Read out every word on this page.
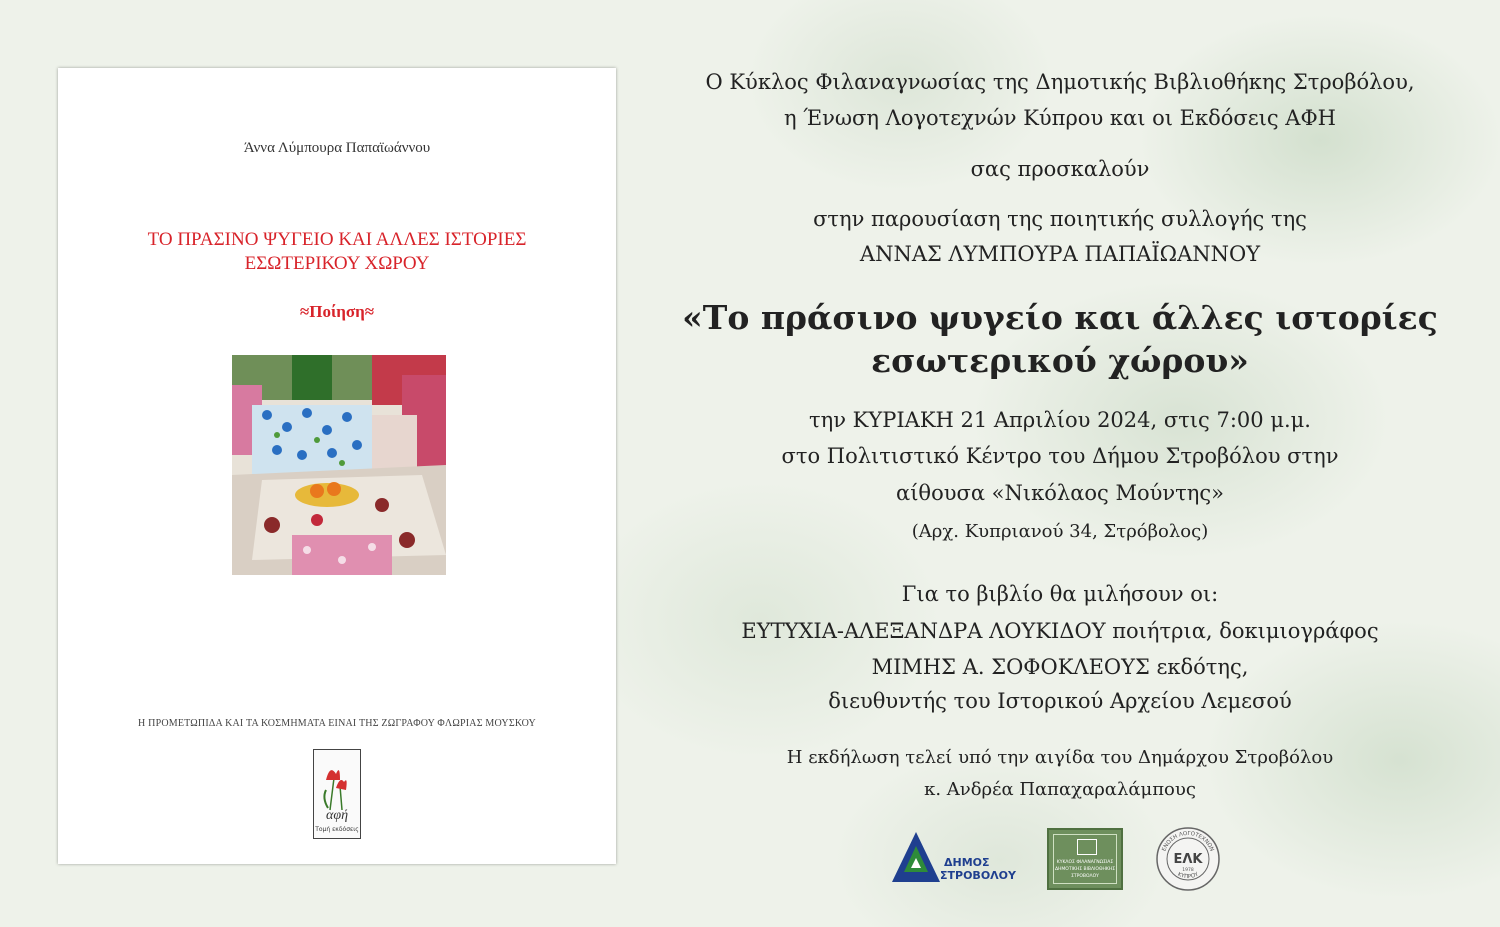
Άννα Λύμπουρα Παπαϊωάννου
ΤΟ ΠΡΑΣΙΝΟ ΨΥΓΕΙΟ ΚΑΙ ΑΛΛΕΣ ΙΣΤΟΡΙΕΣ
ΕΣΩΤΕΡΙΚΟΥ ΧΩΡΟΥ
≈Ποίηση≈
Η ΠΡΟΜΕΤΩΠΙΔΑ ΚΑΙ ΤΑ ΚΟΣΜΗΜΑΤΑ ΕΙΝΑΙ ΤΗΣ ΖΩΓΡΑΦΟΥ ΦΛΩΡΙΑΣ ΜΟΥΣΚΟΥ
αφή
Τομή εκδόσεις
Ο Κύκλος Φιλαναγνωσίας της Δημοτικής Βιβλιοθήκης Στροβόλου,
η Ένωση Λογοτεχνών Κύπρου και οι Εκδόσεις ΑΦΗ
σας προσκαλούν
στην παρουσίαση της ποιητικής συλλογής της
ΑΝΝΑΣ ΛΥΜΠΟΥΡΑ ΠΑΠΑΪΩΑΝΝΟΥ
«Το πράσινο ψυγείο και άλλες ιστορίες
εσωτερικού χώρου»
την ΚΥΡΙΑΚΗ 21 Απριλίου 2024, στις 7:00 μ.μ.
στο Πολιτιστικό Κέντρο του Δήμου Στροβόλου στην
αίθουσα «Νικόλαος Μούντης»
(Αρχ. Κυπριανού 34, Στρόβολος)
Για το βιβλίο θα μιλήσουν οι:
ΕΥΤΥΧΙΑ-ΑΛΕΞΑΝΔΡΑ ΛΟΥΚΙΔΟΥ ποιήτρια, δοκιμιογράφος
ΜΙΜΗΣ Α. ΣΟΦΟΚΛΕΟΥΣ εκδότης,
διευθυντής του Ιστορικού Αρχείου Λεμεσού
Η εκδήλωση τελεί υπό την αιγίδα του Δημάρχου Στροβόλου
κ. Ανδρέα Παπαχαραλάμπους
ΔΗΜΟΣ
ΣΤΡΟΒΟΛΟΥ
ΚΥΚΛΟΣ ΦΙΛΑΝΑΓΝΩΣΙΑΣ
ΔΗΜΟΤΙΚΗΣ ΒΙΒΛΙΟΘΗΚΗΣ
ΣΤΡΟΒΟΛΟΥ
ΕΝΩΣΗ ΛΟΓΟΤΕΧΝΩΝ
ΚΥΠΡΟΥ
ΕΛΚ
1978
